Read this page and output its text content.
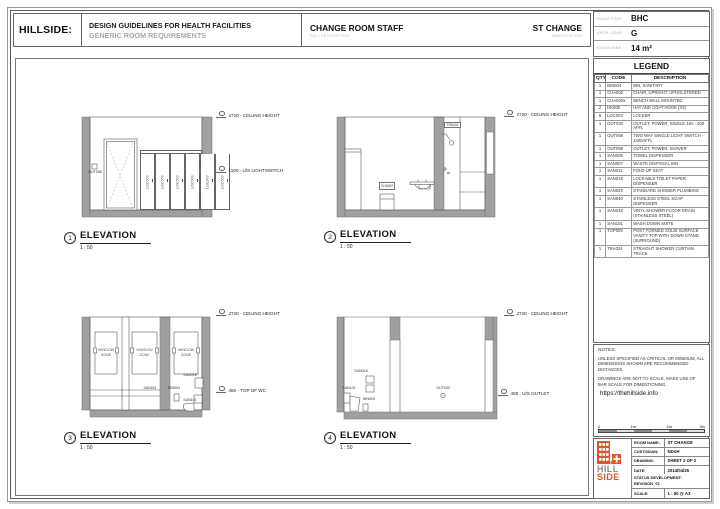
HILLSIDE:	DESIGN GUIDELINES FOR HEALTH FACILITIES
GENERIC ROOM REQUIREMENTS
CHANGE ROOM STAFF
FULL DESCRIPTION
ST CHANGE
ABBREVIATION
ROOM CODE	BHC
ARCH. CODE	G
ROOM AREA	14 m²
LEGEND
QTY	CODE	DESCRIPTION
1	BIN004	BIN, SANITARY
1	CHA002	CHAIR, UPRIGHT, UPHOLSTERED
1	CHA040a	BENCH WALL MOUNTED
2	HK006	HAT AND COAT HOOK (X2)
6	LOC003	LOCKER
1	OUT030	OUTLET, POWER, SINGLE 16A - 400 AFFL
1	OUT058	TWO WAY SINGLE LIGHT SWITCH - 1400AFFL
1	OUT098	OUTLET, POWER, SHAVER
1	SAN006	TOWEL DISPENSER
1	SAN007	WASTE DISPOSAL BIN
1	SAN011	FOLD-UP SEAT
1	SAN018	LOCKABLE TOILET PAPER DISPENSER
1	SAN029	STANDARD SHOWER PLUMBING
1	SAN040	STAINLESS STEEL SOAP DISPENSER
1	SAN048	VINYL SHOWER FLOOR DRAIN (STAINLESS STEEL)
1	SAN101	WASH DOWN SUITE
1	TOP009	POST FORMED SOLID SURFACE VANITY TOP WITH DOWN STAND (SURROUND)
1	TRA024	STRAIGHT SHOWER CURTAIN TRACK
NOTES:

UNLESS SPECIFIED AS CRITICAL OR MINIMUM, ALL DIMENSIONS SHOWN ARE RECOMMENDED DISTANCES.

DRAWINGS ARE NOT TO SCALE, MAKE USE OF BAR SCALE FOR DIMENTIONING.

https://thehillside.info
0	1m	2m	3m
HILL
SIDE
ROOM NAME:	ST CHANGE
CUSTODIAN:	NDoH
DRAWING:	SHEET 2 OF 2
DATE:	2014/04/25
STATUS DEVELOPMENT:
REVISION_01
SCALE:	1 : 50 @ A3
LOC003	LOC003	LOC003	LOC003	LOC003	LOC003
OUT058
2720 - CEILING HEIGHT
1100 - U/S LIGHTSWITCH
1 ELEVATION
1 : 50
CHA002
TRA024
2720 - CEILING HEIGHT
2 ELEVATION
1 : 50
WINDOW ZONE
WINDOW ZONE
WINDOW ZONE
SAN018
SAN011	BIN004
SAN101
2720 - CEILING HEIGHT
450 - TOP OF WC
3 ELEVATION
1 : 50
SAN018
SAN101
BIN004
OUT030
2720 - CEILING HEIGHT
400 - U/S OUTLET
4 ELEVATION
1 : 50
